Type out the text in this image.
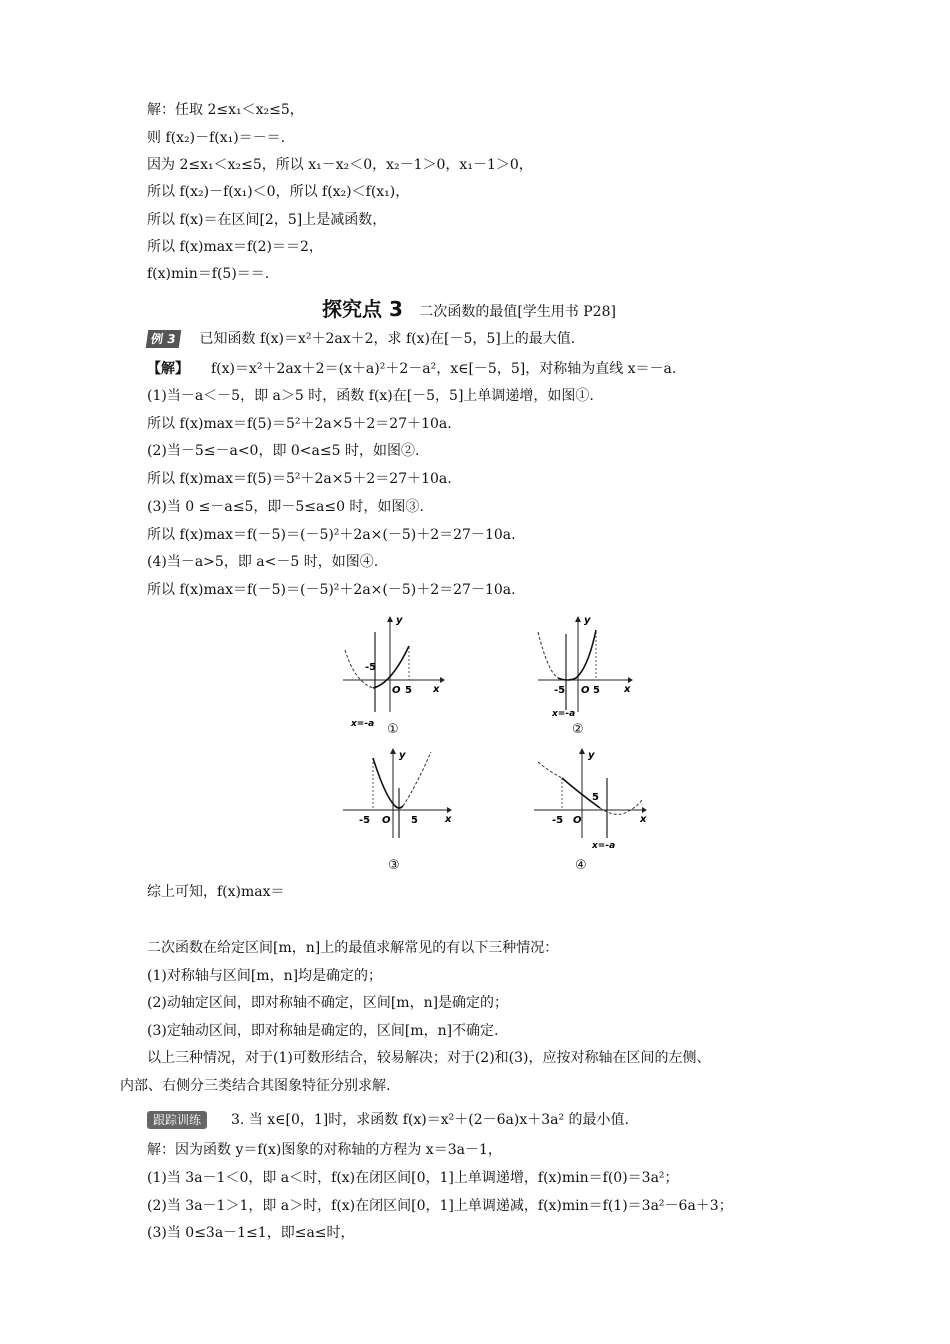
解：任取 2≤x₁＜x₂≤5，
则 f(x₂)－f(x₁)＝－＝.
因为 2≤x₁＜x₂≤5，所以 x₁－x₂＜0，x₂－1＞0，x₁－1＞0，
所以 f(x₂)－f(x₁)＜0，所以 f(x₂)＜f(x₁)，
所以 f(x)＝在区间[2，5]上是减函数，
所以 f(x)max＝f(2)＝＝2，
f(x)min＝f(5)＝＝.
探究点 3 二次函数的最值[学生用书 P28]
例 3 已知函数 f(x)＝x²＋2ax＋2，求 f(x)在[－5，5]上的最大值.
【解】 f(x)＝x²＋2ax＋2＝(x＋a)²＋2－a²，x∈[－5，5]，对称轴为直线 x＝－a.
(1)当－a＜－5，即 a＞5 时，函数 f(x)在[－5，5]上单调递增，如图①.
所以 f(x)max＝f(5)＝5²＋2a×5＋2＝27＋10a.
(2)当－5≤－a<0，即 0<a≤5 时，如图②.
所以 f(x)max＝f(5)＝5²＋2a×5＋2＝27＋10a.
(3)当 0 ≤－a≤5，即－5≤a≤0 时，如图③.
所以 f(x)max＝f(－5)＝(－5)²＋2a×(－5)＋2＝27－10a.
(4)当－a>5，即 a<－5 时，如图④.
所以 f(x)max＝f(－5)＝(－5)²＋2a×(－5)＋2＝27－10a.
y
x
-5
O 5
x=-a ①
y
x
-5 O 5
x=-a
②
y
x
-5 O 5
③
y
x
-5 O
5
x=-a
④
综上可知，f(x)max＝
二次函数在给定区间[m，n]上的最值求解常见的有以下三种情况：
(1)对称轴与区间[m，n]均是确定的；
(2)动轴定区间，即对称轴不确定，区间[m，n]是确定的；
(3)定轴动区间，即对称轴是确定的，区间[m，n]不确定.
以上三种情况，对于(1)可数形结合，较易解决；对于(2)和(3)，应按对称轴在区间的左侧、
内部、右侧分三类结合其图象特征分别求解.
跟踪训练 3. 当 x∈[0，1]时，求函数 f(x)＝x²＋(2－6a)x＋3a² 的最小值.
解：因为函数 y＝f(x)图象的对称轴的方程为 x＝3a－1，
(1)当 3a－1＜0，即 a＜时，f(x)在闭区间[0，1]上单调递增，f(x)min＝f(0)＝3a²；
(2)当 3a－1＞1，即 a＞时，f(x)在闭区间[0，1]上单调递减，f(x)min＝f(1)＝3a²－6a＋3；
(3)当 0≤3a－1≤1，即≤a≤时，
